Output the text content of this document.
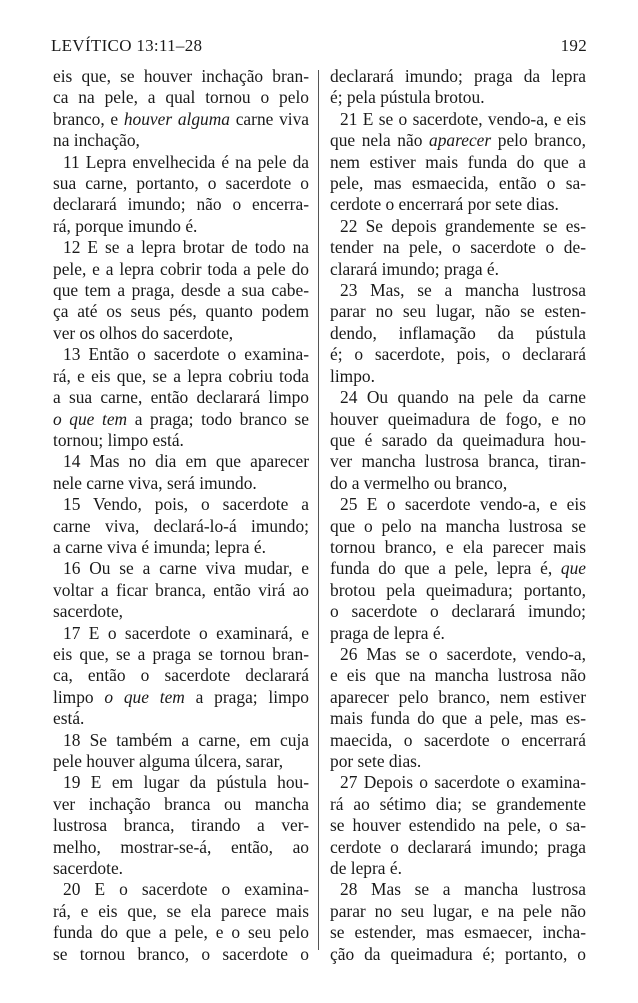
LEVÍTICO 13:11–28	192
eis que, se houver inchação bran-
ca na pele, a qual tornou o pelo
branco, e houver alguma carne viva
na inchação,
11 Lepra envelhecida é na pele da
sua carne, portanto, o sacerdote o
declarará imundo; não o encerra-
rá, porque imundo é.
12 E se a lepra brotar de todo na
pele, e a lepra cobrir toda a pele do
que tem a praga, desde a sua cabe-
ça até os seus pés, quanto podem
ver os olhos do sacerdote,
13 Então o sacerdote o examina-
rá, e eis que, se a lepra cobriu toda
a sua carne, então declarará limpo
o que tem a praga; todo branco se
tornou; limpo está.
14 Mas no dia em que aparecer
nele carne viva, será imundo.
15 Vendo, pois, o sacerdote a
carne viva, declará-lo-á imundo;
a carne viva é imunda; lepra é.
16 Ou se a carne viva mudar, e
voltar a ficar branca, então virá ao
sacerdote,
17 E o sacerdote o examinará, e
eis que, se a praga se tornou bran-
ca, então o sacerdote declarará
limpo o que tem a praga; limpo
está.
18 Se também a carne, em cuja
pele houver alguma úlcera, sarar,
19 E em lugar da pústula hou-
ver inchação branca ou mancha
lustrosa branca, tirando a ver-
melho, mostrar-se-á, então, ao
sacerdote.
20 E o sacerdote o examina-
rá, e eis que, se ela parece mais
funda do que a pele, e o seu pelo
se tornou branco, o sacerdote o
declarará imundo; praga da lepra
é; pela pústula brotou.
21 E se o sacerdote, vendo-a, e eis
que nela não aparecer pelo branco,
nem estiver mais funda do que a
pele, mas esmaecida, então o sa-
cerdote o encerrará por sete dias.
22 Se depois grandemente se es-
tender na pele, o sacerdote o de-
clarará imundo; praga é.
23 Mas, se a mancha lustrosa
parar no seu lugar, não se esten-
dendo, inflamação da pústula
é; o sacerdote, pois, o declarará
limpo.
24 Ou quando na pele da carne
houver queimadura de fogo, e no
que é sarado da queimadura hou-
ver mancha lustrosa branca, tiran-
do a vermelho ou branco,
25 E o sacerdote vendo-a, e eis
que o pelo na mancha lustrosa se
tornou branco, e ela parecer mais
funda do que a pele, lepra é, que
brotou pela queimadura; portanto,
o sacerdote o declarará imundo;
praga de lepra é.
26 Mas se o sacerdote, vendo-a,
e eis que na mancha lustrosa não
aparecer pelo branco, nem estiver
mais funda do que a pele, mas es-
maecida, o sacerdote o encerrará
por sete dias.
27 Depois o sacerdote o examina-
rá ao sétimo dia; se grandemente
se houver estendido na pele, o sa-
cerdote o declarará imundo; praga
de lepra é.
28 Mas se a mancha lustrosa
parar no seu lugar, e na pele não
se estender, mas esmaecer, incha-
ção da queimadura é; portanto, o
